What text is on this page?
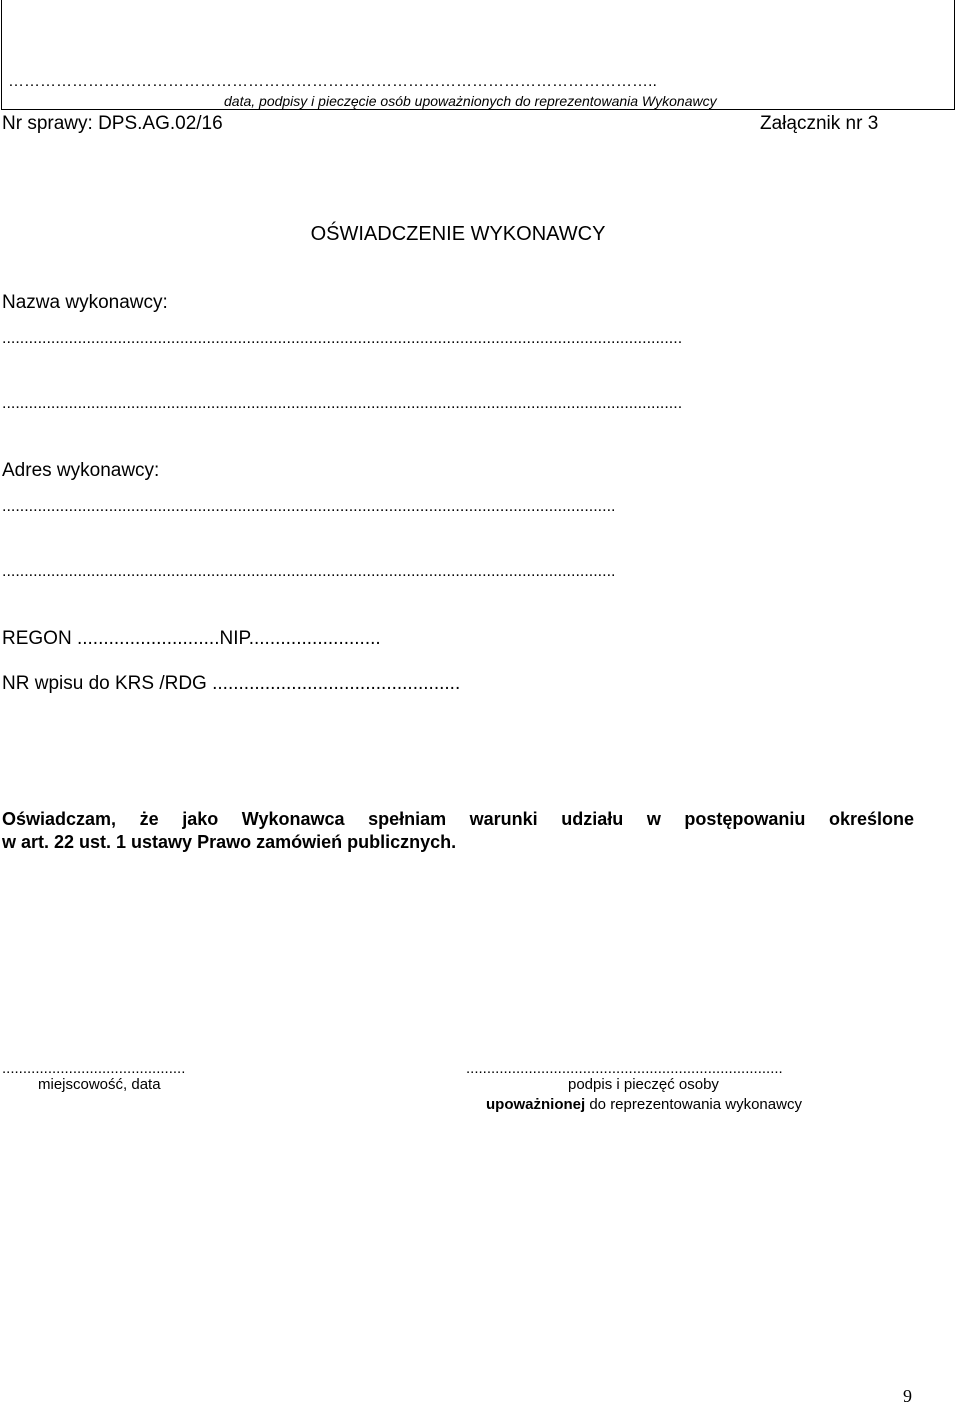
…………………………………………………………………………………………………………..
data, podpisy i pieczęcie osób upoważnionych do reprezentowania Wykonawcy
Nr sprawy: DPS.AG.02/16	Załącznik nr 3
OŚWIADCZENIE WYKONAWCY
Nazwa wykonawcy:
.........................................................................................................................................................
.........................................................................................................................................................
Adres wykonawcy:
..........................................................................................................................................
..........................................................................................................................................
REGON ...........................NIP.........................
NR wpisu do KRS /RDG ...............................................
Oświadczam, że jako Wykonawca spełniam warunki udziału w postępowaniu określone
w art. 22 ust. 1 ustawy Prawo zamówień publicznych.
............................................
miejscowość, data
............................................................................
podpis i pieczęć osoby
upoważnionej do reprezentowania wykonawcy
9
